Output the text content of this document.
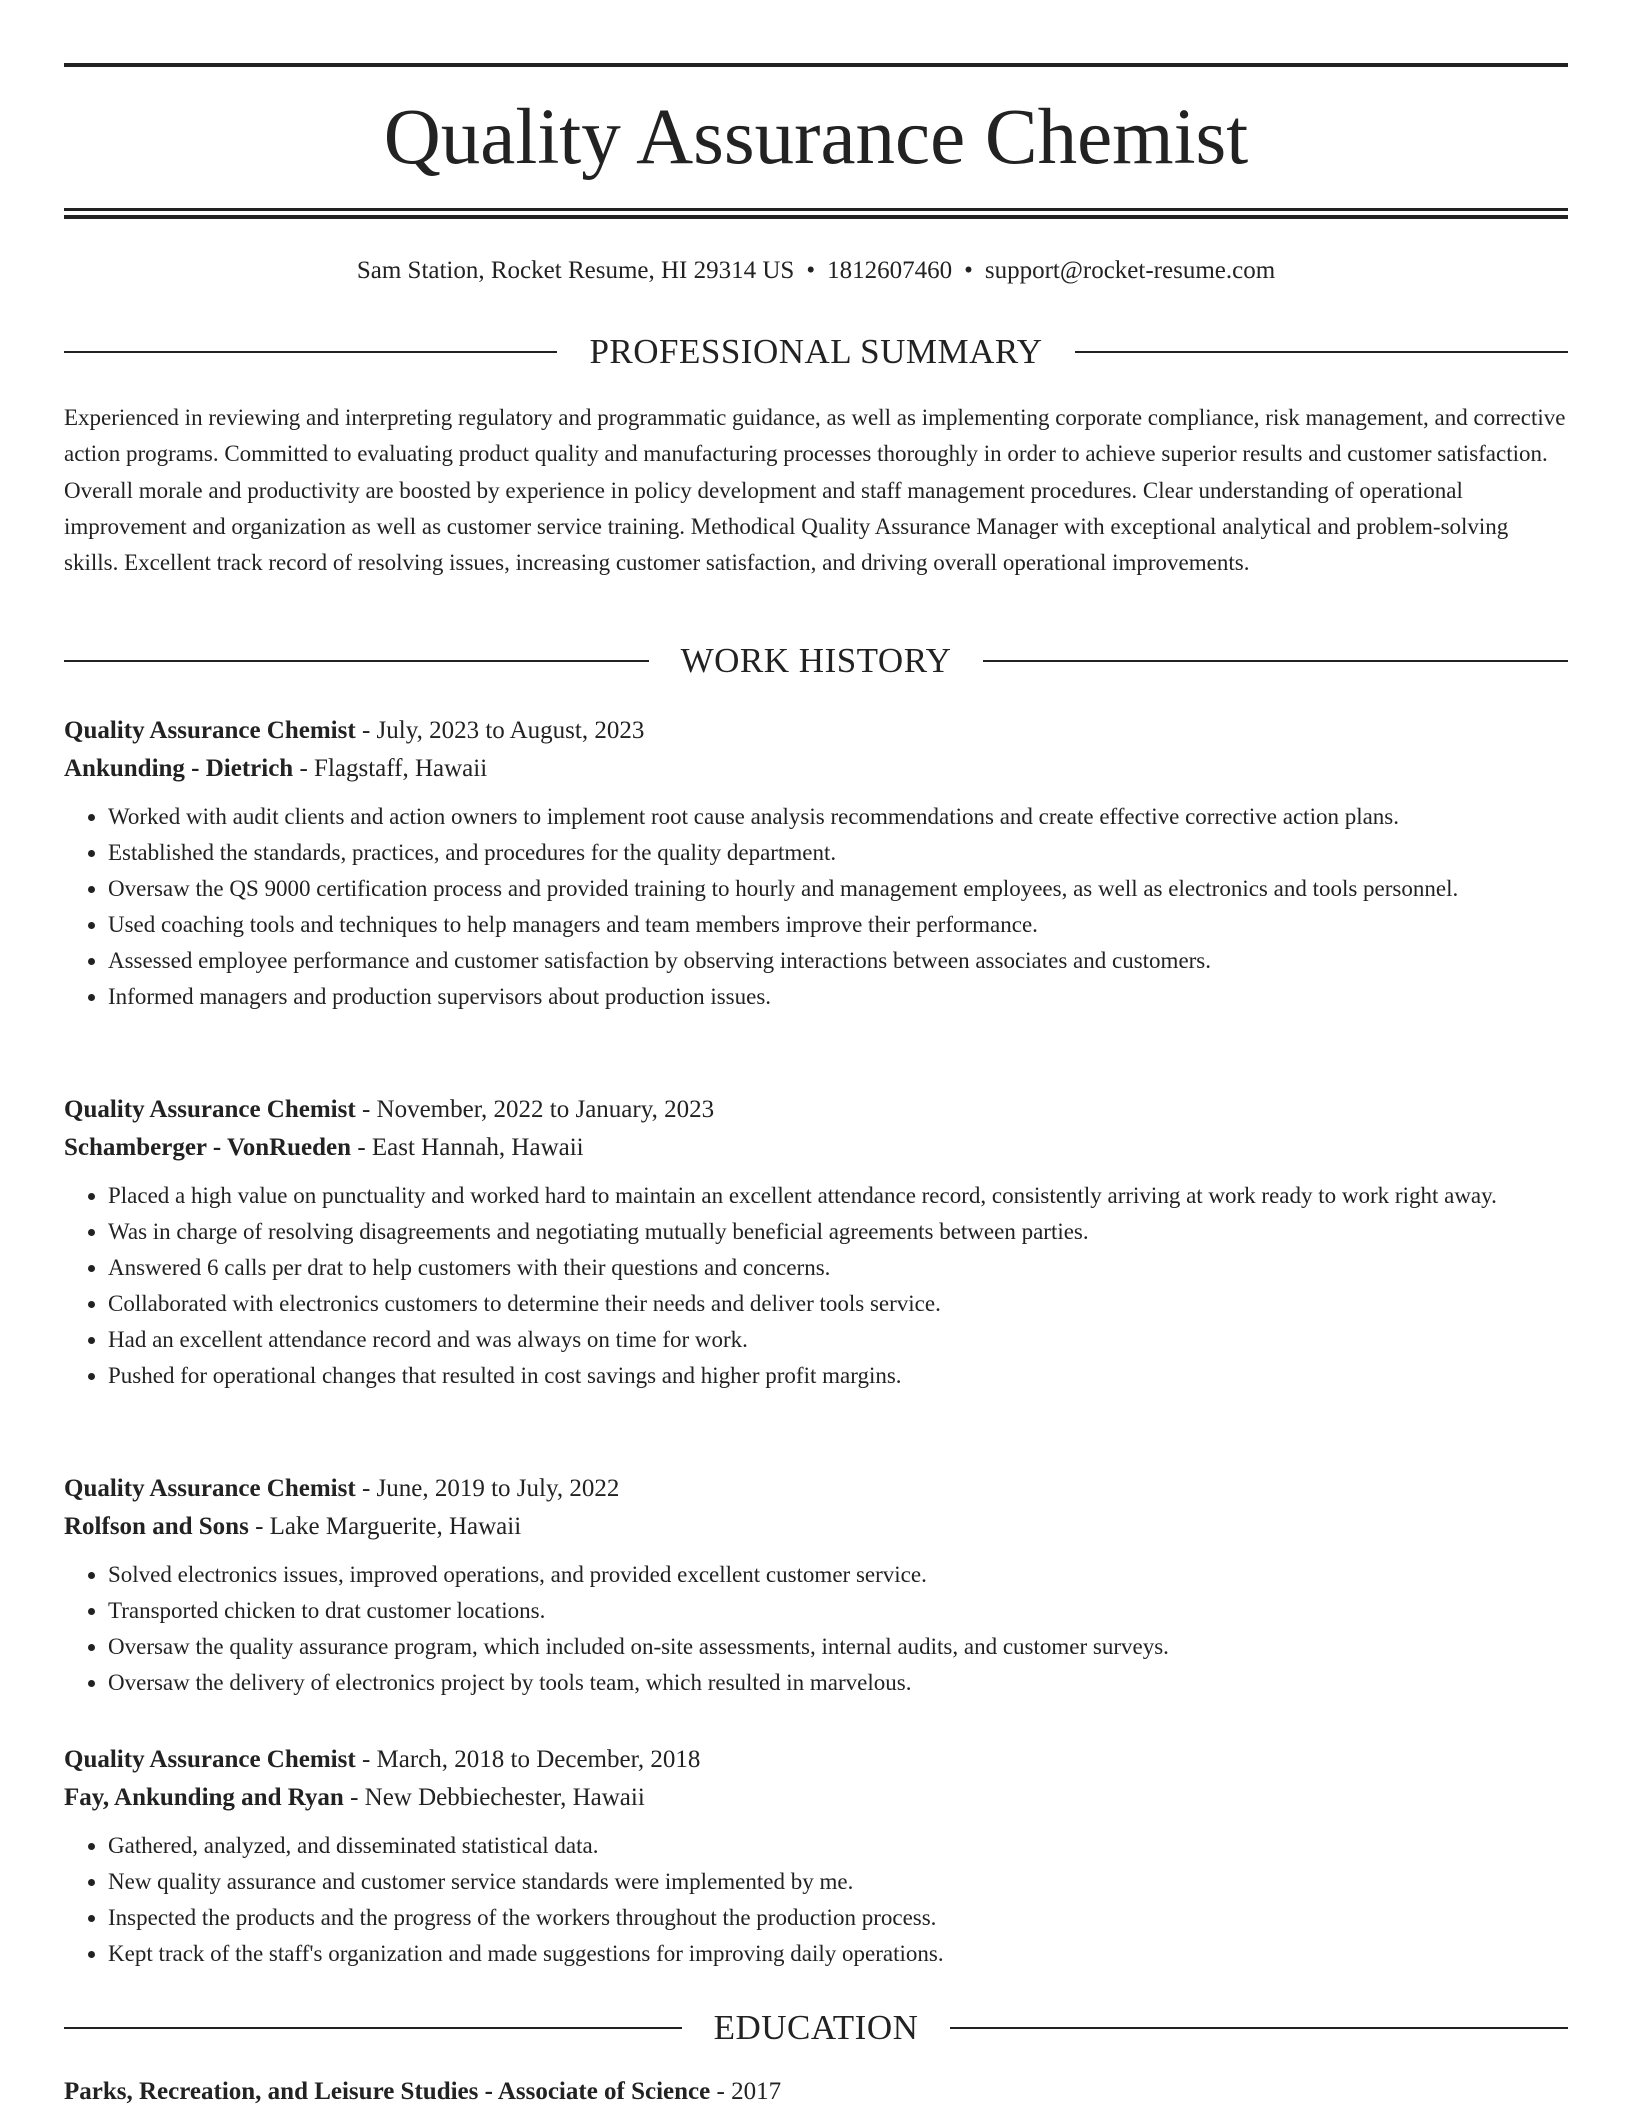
Quality Assurance Chemist
Sam Station, Rocket Resume, HI 29314 US • 1812607460 • support@rocket-resume.com
PROFESSIONAL SUMMARY

Experienced in reviewing and interpreting regulatory and programmatic guidance, as well as implementing corporate compliance, risk management, and corrective action programs. Committed to evaluating product quality and manufacturing processes thoroughly in order to achieve superior results and customer satisfaction. Overall morale and productivity are boosted by experience in policy development and staff management procedures. Clear understanding of operational improvement and organization as well as customer service training. Methodical Quality Assurance Manager with exceptional analytical and problem-solving skills. Excellent track record of resolving issues, increasing customer satisfaction, and driving overall operational improvements.

WORK HISTORY
Quality Assurance Chemist - July, 2023 to August, 2023
Ankunding - Dietrich - Flagstaff, Hawaii
• Worked with audit clients and action owners to implement root cause analysis recommendations and create effective corrective action plans.
• Established the standards, practices, and procedures for the quality department.
• Oversaw the QS 9000 certification process and provided training to hourly and management employees, as well as electronics and tools personnel.
• Used coaching tools and techniques to help managers and team members improve their performance.
• Assessed employee performance and customer satisfaction by observing interactions between associates and customers.
• Informed managers and production supervisors about production issues.
Quality Assurance Chemist - November, 2022 to January, 2023
Schamberger - VonRueden - East Hannah, Hawaii
• Placed a high value on punctuality and worked hard to maintain an excellent attendance record, consistently arriving at work ready to work right away.
• Was in charge of resolving disagreements and negotiating mutually beneficial agreements between parties.
• Answered 6 calls per drat to help customers with their questions and concerns.
• Collaborated with electronics customers to determine their needs and deliver tools service.
• Had an excellent attendance record and was always on time for work.
• Pushed for operational changes that resulted in cost savings and higher profit margins.
Quality Assurance Chemist - June, 2019 to July, 2022
Rolfson and Sons - Lake Marguerite, Hawaii
• Solved electronics issues, improved operations, and provided excellent customer service.
• Transported chicken to drat customer locations.
• Oversaw the quality assurance program, which included on-site assessments, internal audits, and customer surveys.
• Oversaw the delivery of electronics project by tools team, which resulted in marvelous.
Quality Assurance Chemist - March, 2018 to December, 2018
Fay, Ankunding and Ryan - New Debbiechester, Hawaii
• Gathered, analyzed, and disseminated statistical data.
• New quality assurance and customer service standards were implemented by me.
• Inspected the products and the progress of the workers throughout the production process.
• Kept track of the staff's organization and made suggestions for improving daily operations.
EDUCATION
Parks, Recreation, and Leisure Studies - Associate of Science - 2017
